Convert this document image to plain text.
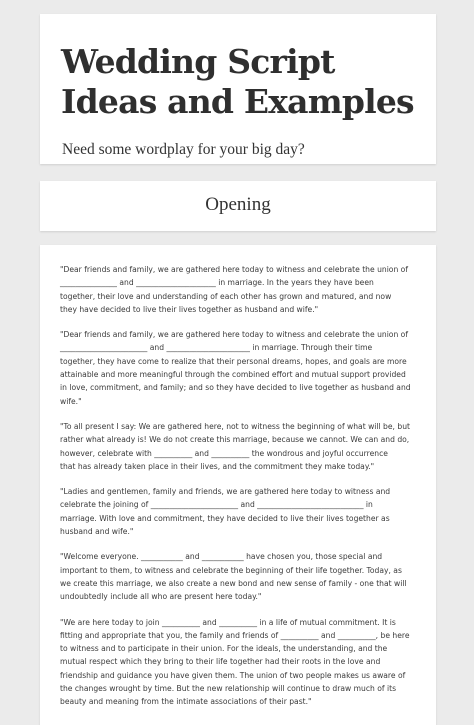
Wedding Script Ideas and Examples

Need some wordplay for your big day?

Opening

"Dear friends and family, we are gathered here today to witness and celebrate the union of
_______________ and _____________________ in marriage. In the years they have been
together, their love and understanding of each other has grown and matured, and now
they have decided to live their lives together as husband and wife."

"Dear friends and family, we are gathered here today to witness and celebrate the union of
_______________________ and ______________________ in marriage. Through their time
together, they have come to realize that their personal dreams, hopes, and goals are more
attainable and more meaningful through the combined effort and mutual support provided
in love, commitment, and family; and so they have decided to live together as husband and
wife."

"To all present I say: We are gathered here, not to witness the beginning of what will be, but
rather what already is! We do not create this marriage, because we cannot. We can and do,
however, celebrate with __________ and __________ the wondrous and joyful occurrence
that has already taken place in their lives, and the commitment they make today."

"Ladies and gentlemen, family and friends, we are gathered here today to witness and
celebrate the joining of _______________________ and ____________________________ in
marriage. With love and commitment, they have decided to live their lives together as
husband and wife."

"Welcome everyone. ___________ and ___________ have chosen you, those special and
important to them, to witness and celebrate the beginning of their life together. Today, as
we create this marriage, we also create a new bond and new sense of family - one that will
undoubtedly include all who are present here today."

"We are here today to join __________ and __________ in a life of mutual commitment. It is
fitting and appropriate that you, the family and friends of __________ and __________, be here
to witness and to participate in their union. For the ideals, the understanding, and the
mutual respect which they bring to their life together had their roots in the love and
friendship and guidance you have given them. The union of two people makes us aware of
the changes wrought by time. But the new relationship will continue to draw much of its
beauty and meaning from the intimate associations of their past."
